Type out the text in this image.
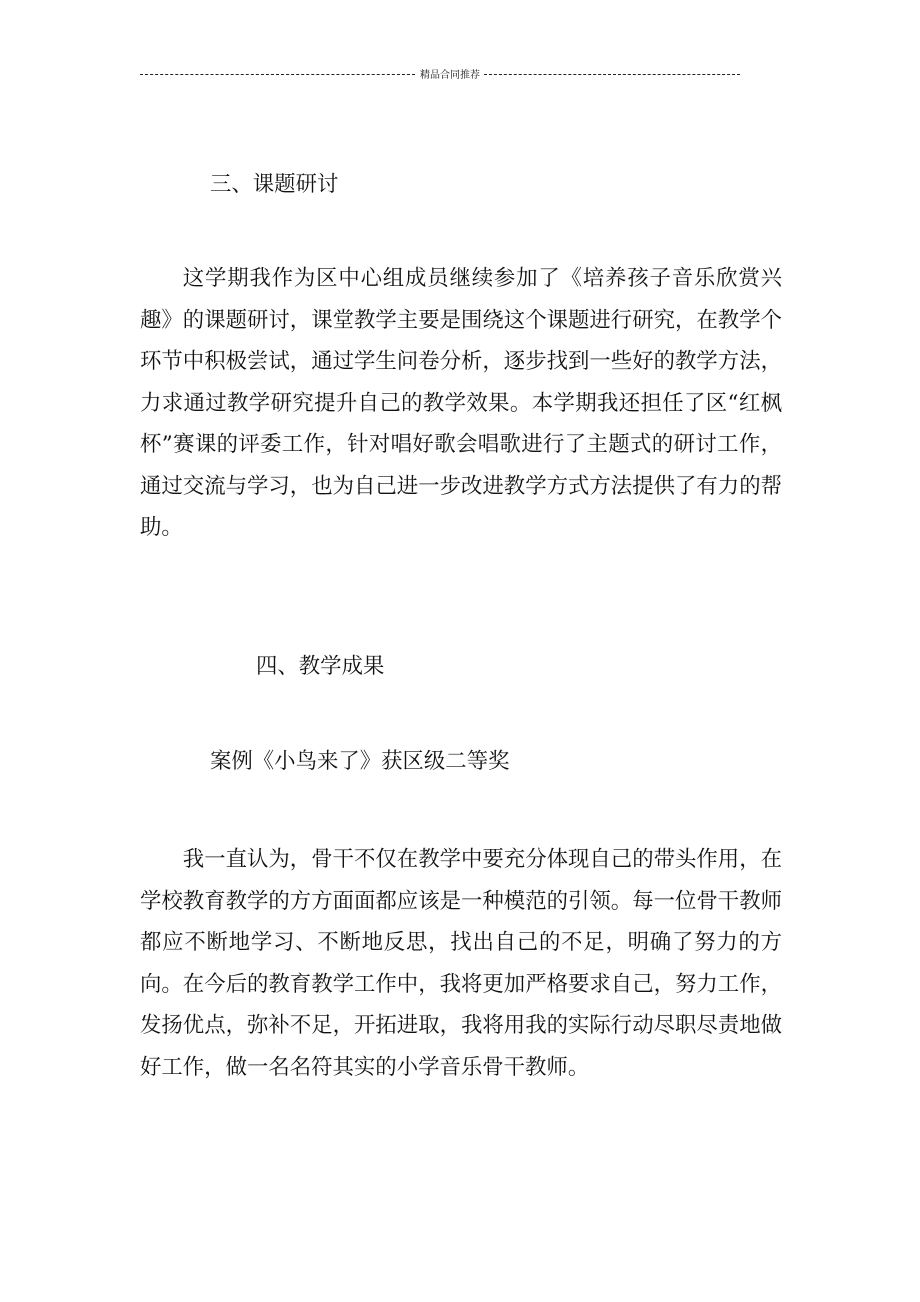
精品合同推荐
三、课题研讨

这学期我作为区中心组成员继续参加了《培养孩子音乐欣赏兴趣》的课题研讨，课堂教学主要是围绕这个课题进行研究，在教学个环节中积极尝试，通过学生问卷分析，逐步找到一些好的教学方法，力求通过教学研究提升自己的教学效果。本学期我还担任了区“红枫杯”赛课的评委工作，针对唱好歌会唱歌进行了主题式的研讨工作，通过交流与学习，也为自己进一步改进教学方式方法提供了有力的帮助。

四、教学成果
案例《小鸟来了》获区级二等奖

我一直认为，骨干不仅在教学中要充分体现自己的带头作用，在学校教育教学的方方面面都应该是一种模范的引领。每一位骨干教师都应不断地学习、不断地反思，找出自己的不足，明确了努力的方向。在今后的教育教学工作中，我将更加严格要求自己，努力工作，发扬优点，弥补不足，开拓进取，我将用我的实际行动尽职尽责地做好工作，做一名名符其实的小学音乐骨干教师。
